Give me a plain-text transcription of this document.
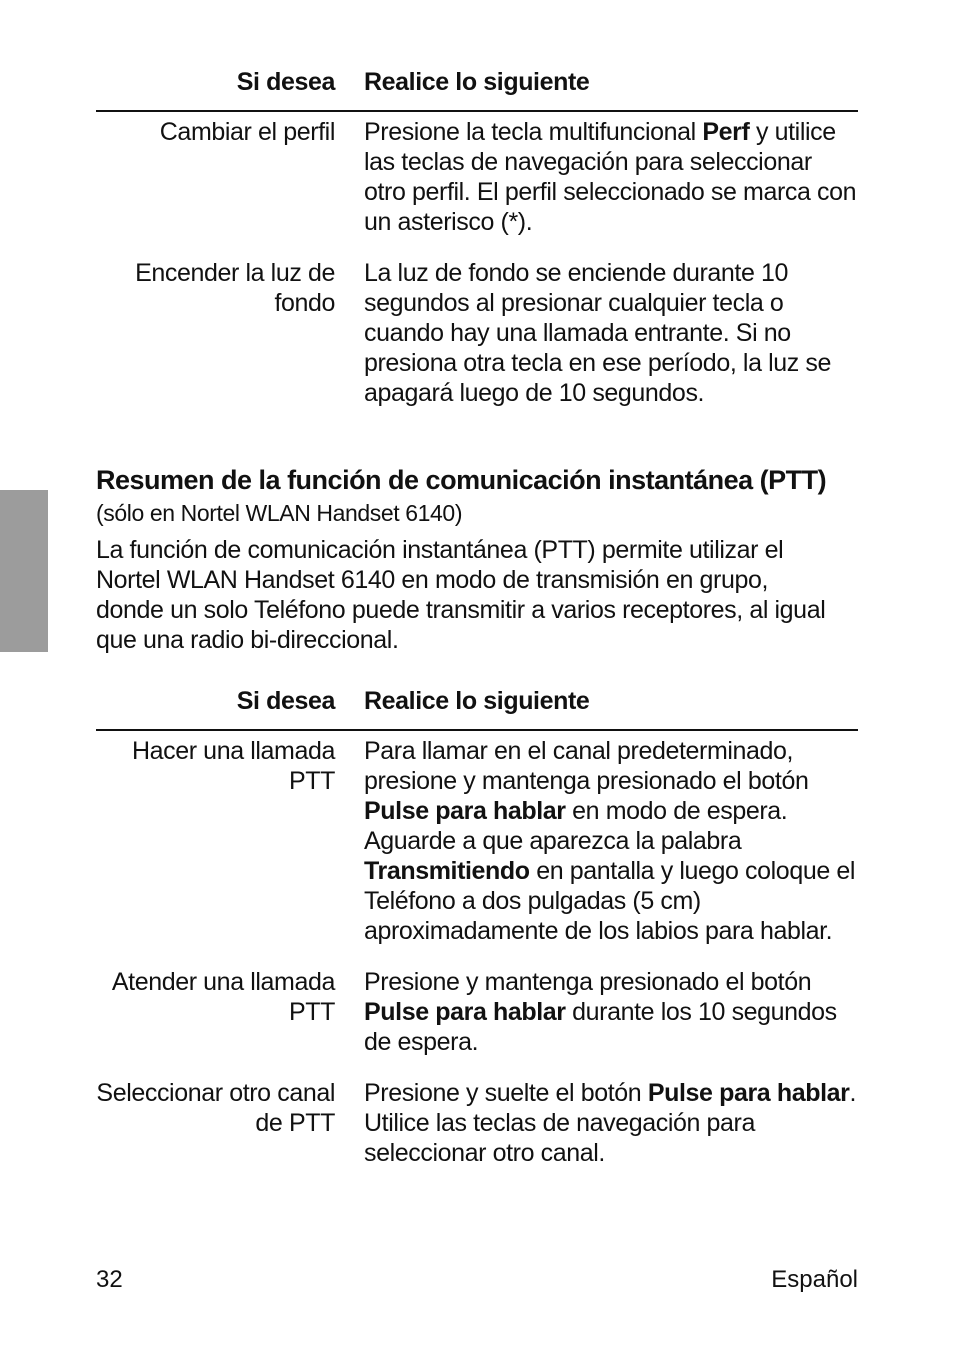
Si desea Realice lo siguiente
Cambiar el perfil Presione la tecla multifuncional Perf y utilice las teclas de navegación para seleccionar otro perfil. El perfil seleccionado se marca con un asterisco (*).
Encender la luz de fondo
La luz de fondo se enciende durante 10 segundos al presionar cualquier tecla o cuando hay una llamada entrante. Si no presiona otra tecla en ese período, la luz se apagará luego de 10 segundos.
Resumen de la función de comunicación instantánea (PTT)
(sólo en Nortel WLAN Handset 6140)

La función de comunicación instantánea (PTT) permite utilizar el Nortel WLAN Handset 6140 en modo de transmisión en grupo, donde un solo Teléfono puede transmitir a varios receptores, al igual que una radio bi-direccional.

Si desea Realice lo siguiente
Hacer una llamada PTT
Para llamar en el canal predeterminado, presione y mantenga presionado el botón Pulse para hablar en modo de espera. Aguarde a que aparezca la palabra Transmitiendo en pantalla y luego coloque el Teléfono a dos pulgadas (5 cm) aproximadamente de los labios para hablar.
Atender una llamada PTT
Presione y mantenga presionado el botón Pulse para hablar durante los 10 segundos de espera.
Seleccionar otro canal de PTT
Presione y suelte el botón Pulse para hablar. Utilice las teclas de navegación para seleccionar otro canal.
32	Español
